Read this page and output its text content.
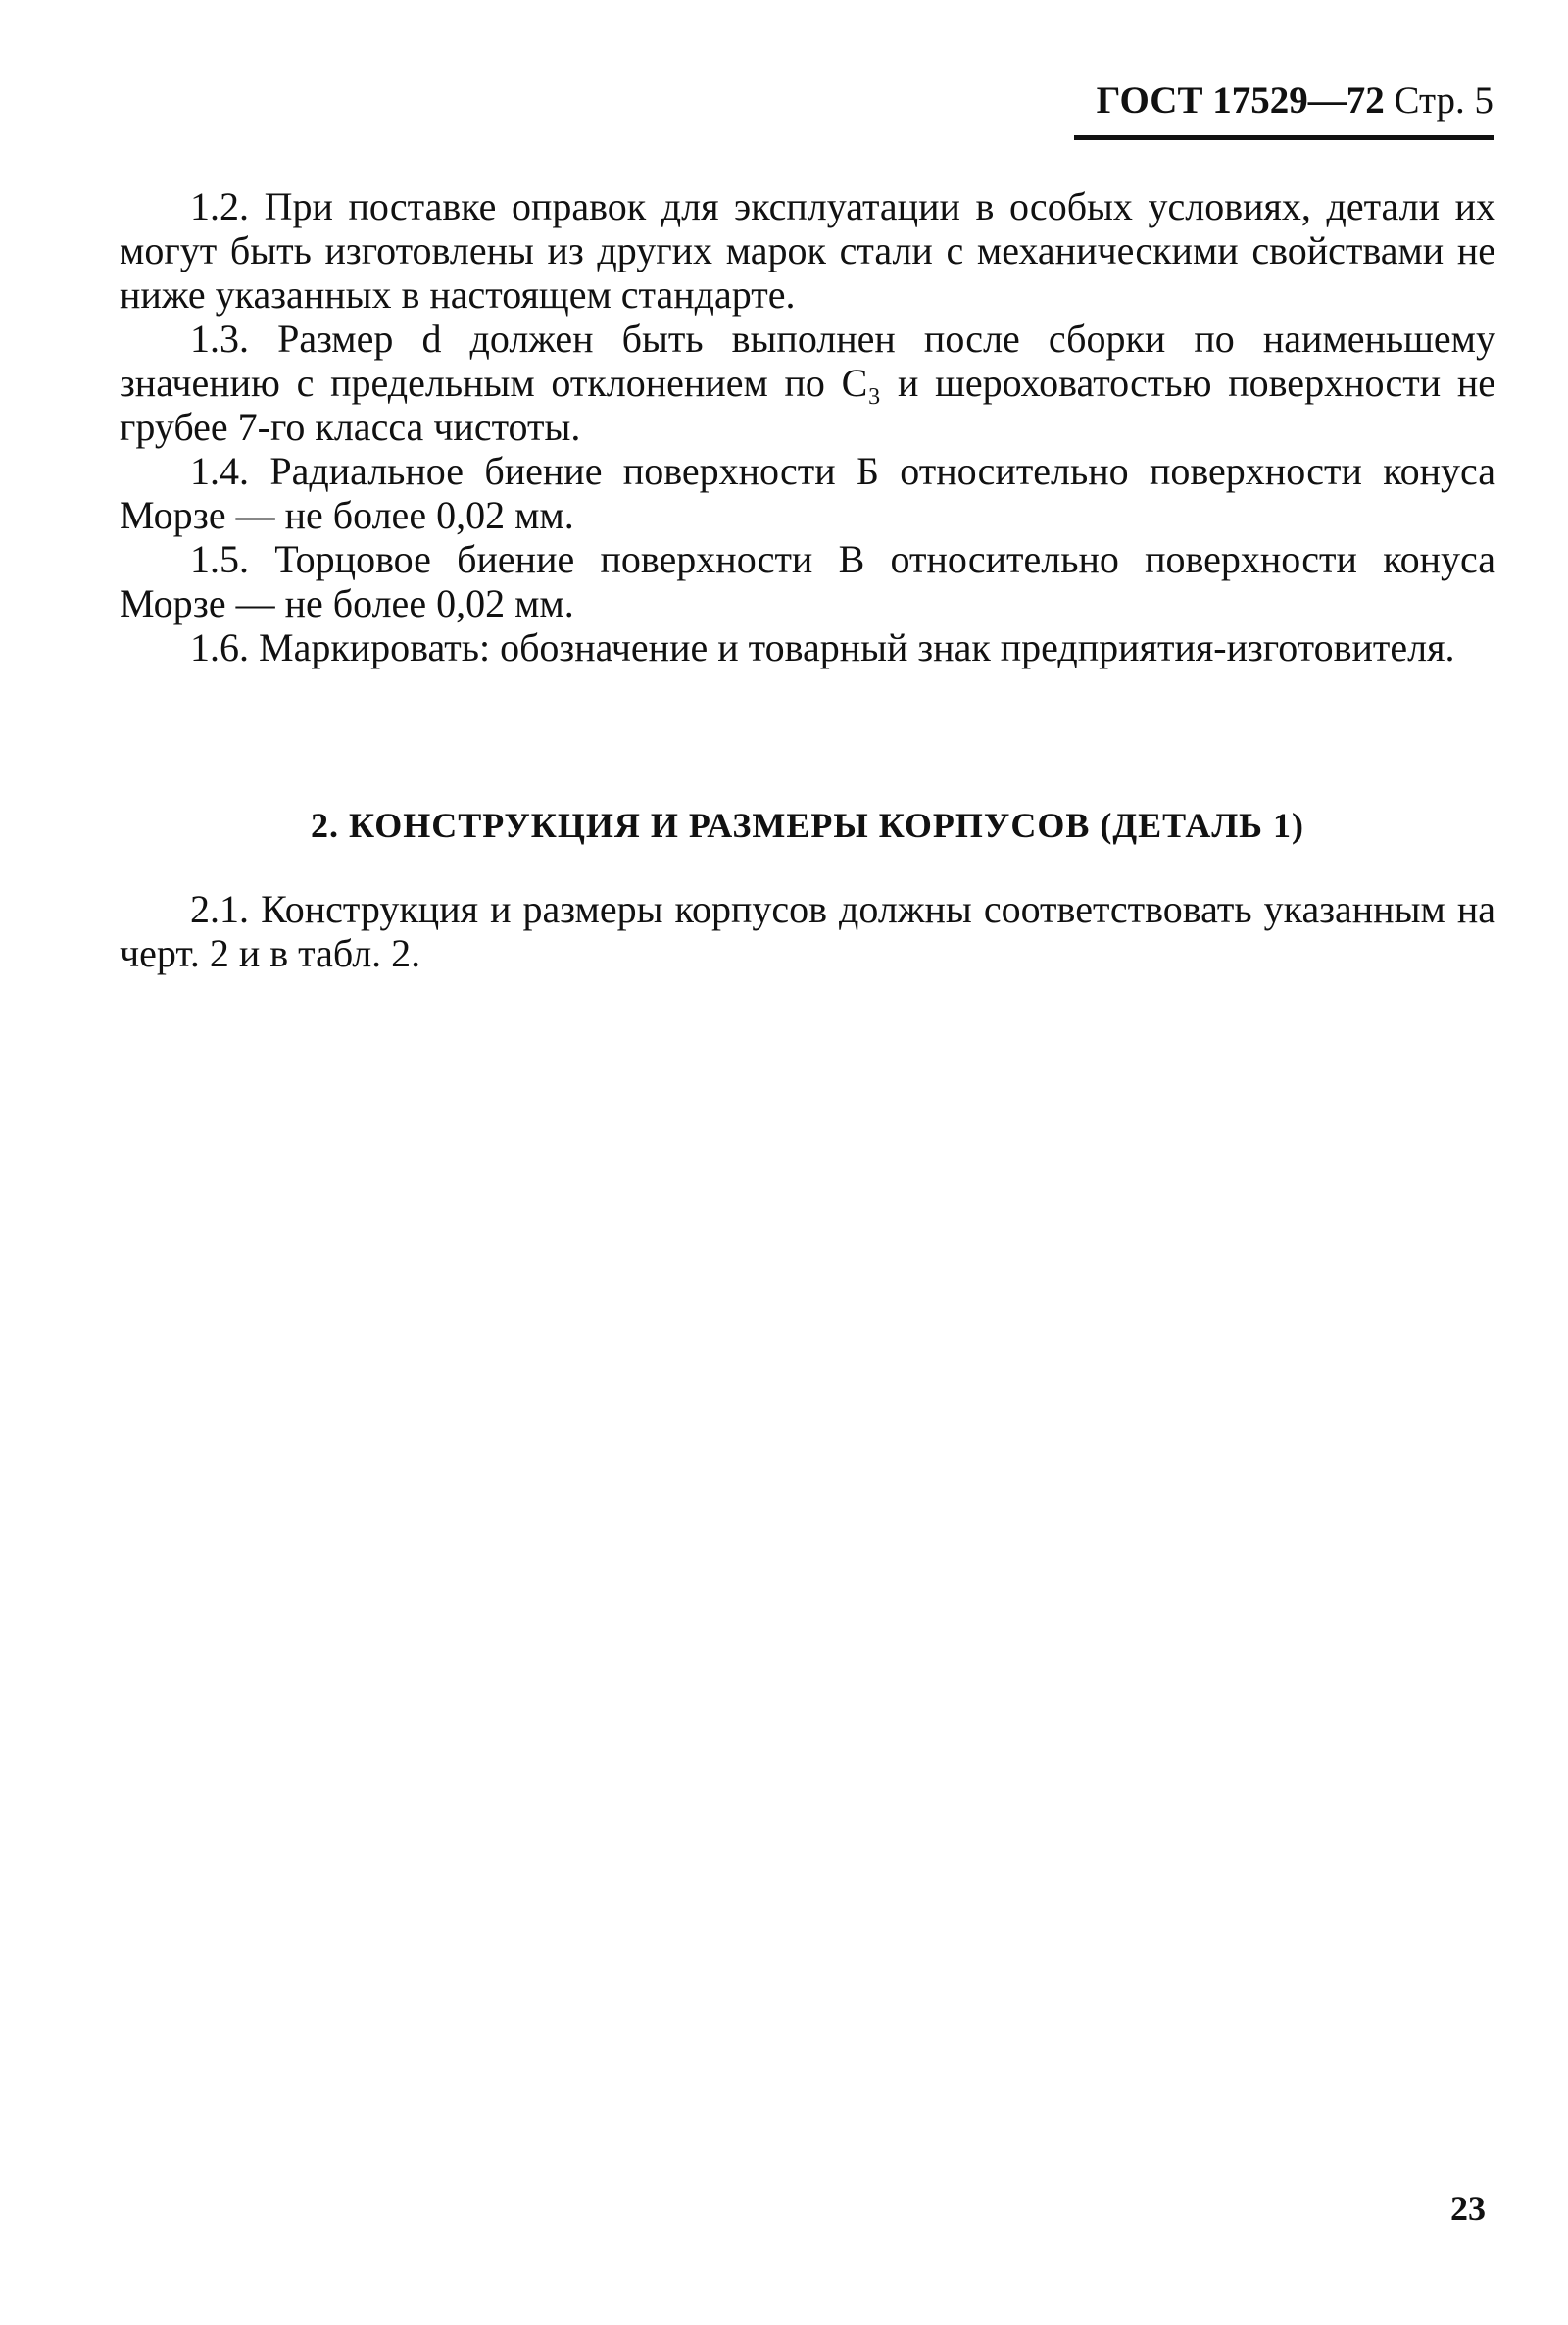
ГОСТ 17529—72 Стр. 5

1.2. При поставке оправок для эксплуатации в особых условиях, детали их могут быть изготовлены из других марок стали с механическими свойствами не ниже указанных в настоящем стандарте.

1.3. Размер d должен быть выполнен после сборки по наименьшему значению с предельным отклонением по C₃ и шероховатостью поверхности не грубее 7-го класса чистоты.

1.4. Радиальное биение поверхности Б относительно поверхности конуса Морзе — не более 0,02 мм.

1.5. Торцовое биение поверхности В относительно поверхности конуса Морзе — не более 0,02 мм.

1.6. Маркировать: обозначение и товарный знак предприятия-изготовителя.

2. КОНСТРУКЦИЯ И РАЗМЕРЫ КОРПУСОВ (ДЕТАЛЬ 1)

2.1. Конструкция и размеры корпусов должны соответствовать указанным на черт. 2 и в табл. 2.

23
